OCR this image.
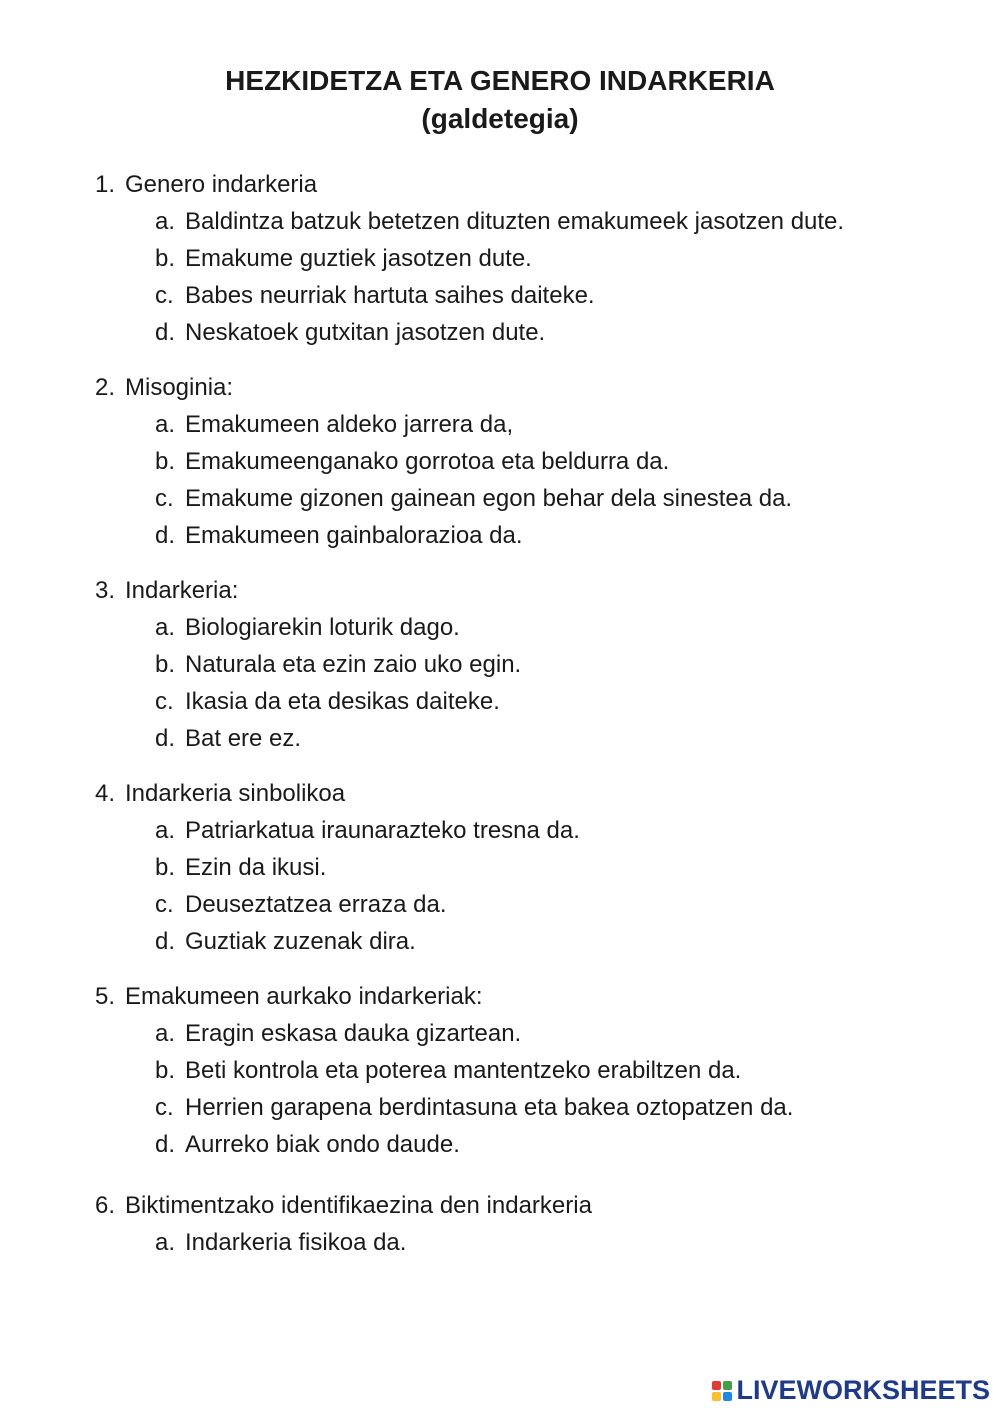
HEZKIDETZA ETA GENERO INDARKERIA
(galdetegia)
1. Genero indarkeria
a. Baldintza batzuk betetzen dituzten emakumeek jasotzen dute.
b. Emakume guztiek jasotzen dute.
c. Babes neurriak hartuta saihes daiteke.
d. Neskatoek gutxitan jasotzen dute.
2. Misoginia:
a. Emakumeen aldeko jarrera da,
b. Emakumeenganako gorrotoa eta beldurra da.
c. Emakume gizonen gainean egon behar dela sinestea da.
d. Emakumeen gainbalorazioa da.
3. Indarkeria:
a. Biologiarekin loturik dago.
b. Naturala eta ezin zaio uko egin.
c. Ikasia da eta desikas daiteke.
d. Bat ere ez.
4. Indarkeria sinbolikoa
a. Patriarkatua iraunarazteko tresna da.
b. Ezin da ikusi.
c. Deuseztatzea erraza da.
d. Guztiak zuzenak dira.
5. Emakumeen aurkako indarkeriak:
a. Eragin eskasa dauka gizartean.
b. Beti kontrola eta poterea mantentzeko erabiltzen da.
c. Herrien garapena berdintasuna eta bakea oztopatzen da.
d. Aurreko biak ondo daude.
6. Biktimentzako identifikaezina den indarkeria
a. Indarkeria fisikoa da.
LIVEWORKSHEETS
